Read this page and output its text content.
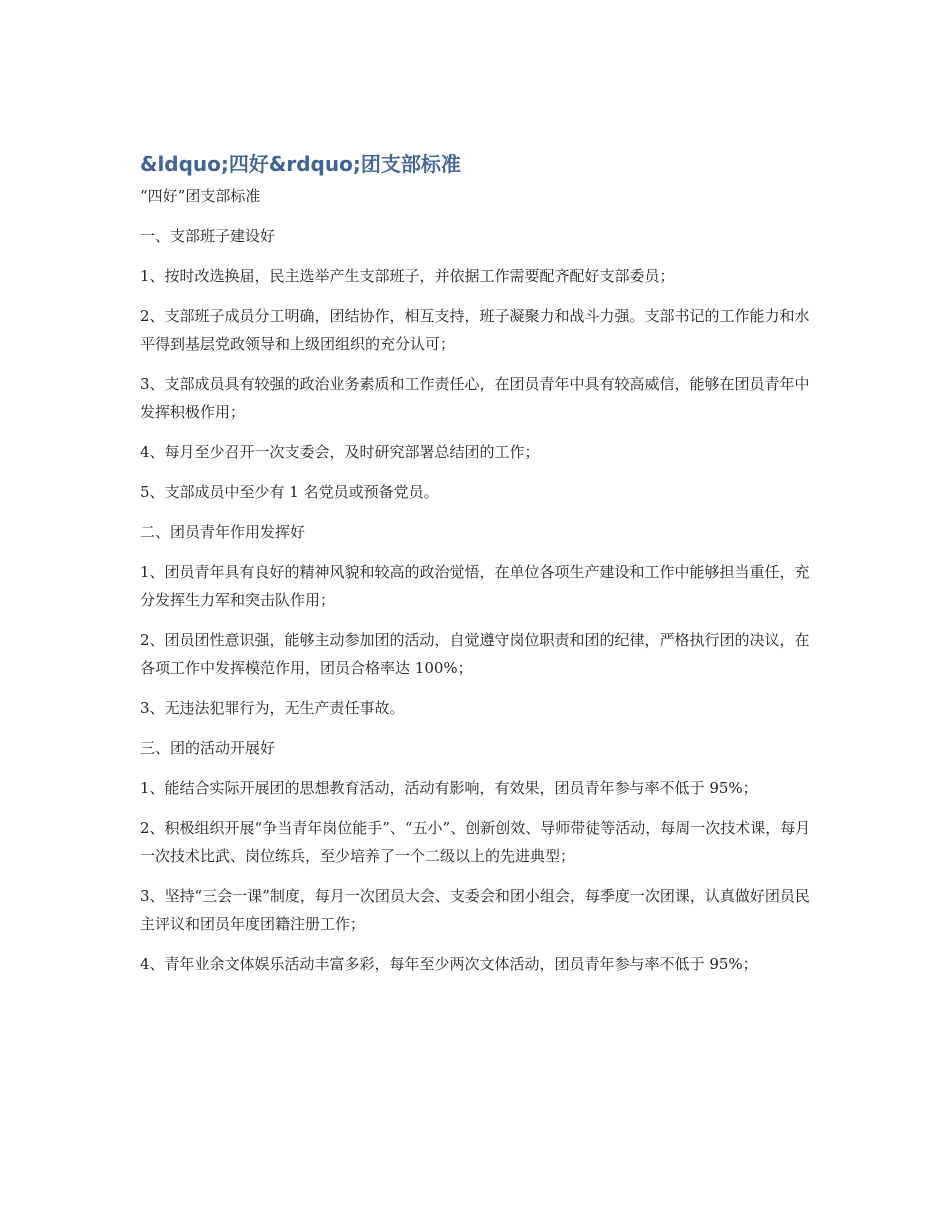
&ldquo;四好&rdquo;团支部标准

“四好”团支部标准

一、支部班子建设好

1、按时改选换届，民主选举产生支部班子，并依据工作需要配齐配好支部委员；

2、支部班子成员分工明确，团结协作，相互支持，班子凝聚力和战斗力强。支部书记的工作能力和水平得到基层党政领导和上级团组织的充分认可；

3、支部成员具有较强的政治业务素质和工作责任心，在团员青年中具有较高威信，能够在团员青年中发挥积极作用；

4、每月至少召开一次支委会，及时研究部署总结团的工作；

5、支部成员中至少有 1 名党员或预备党员。

二、团员青年作用发挥好

1、团员青年具有良好的精神风貌和较高的政治觉悟，在单位各项生产建设和工作中能够担当重任，充分发挥生力军和突击队作用；

2、团员团性意识强，能够主动参加团的活动，自觉遵守岗位职责和团的纪律，严格执行团的决议，在各项工作中发挥模范作用，团员合格率达 100%；

3、无违法犯罪行为，无生产责任事故。

三、团的活动开展好

1、能结合实际开展团的思想教育活动，活动有影响，有效果，团员青年参与率不低于 95%；

2、积极组织开展“争当青年岗位能手”、“五小”、创新创效、导师带徒等活动，每周一次技术课，每月一次技术比武、岗位练兵，至少培养了一个二级以上的先进典型；

3、坚持“三会一课”制度，每月一次团员大会、支委会和团小组会，每季度一次团课，认真做好团员民主评议和团员年度团籍注册工作；

4、青年业余文体娱乐活动丰富多彩，每年至少两次文体活动，团员青年参与率不低于 95%；
